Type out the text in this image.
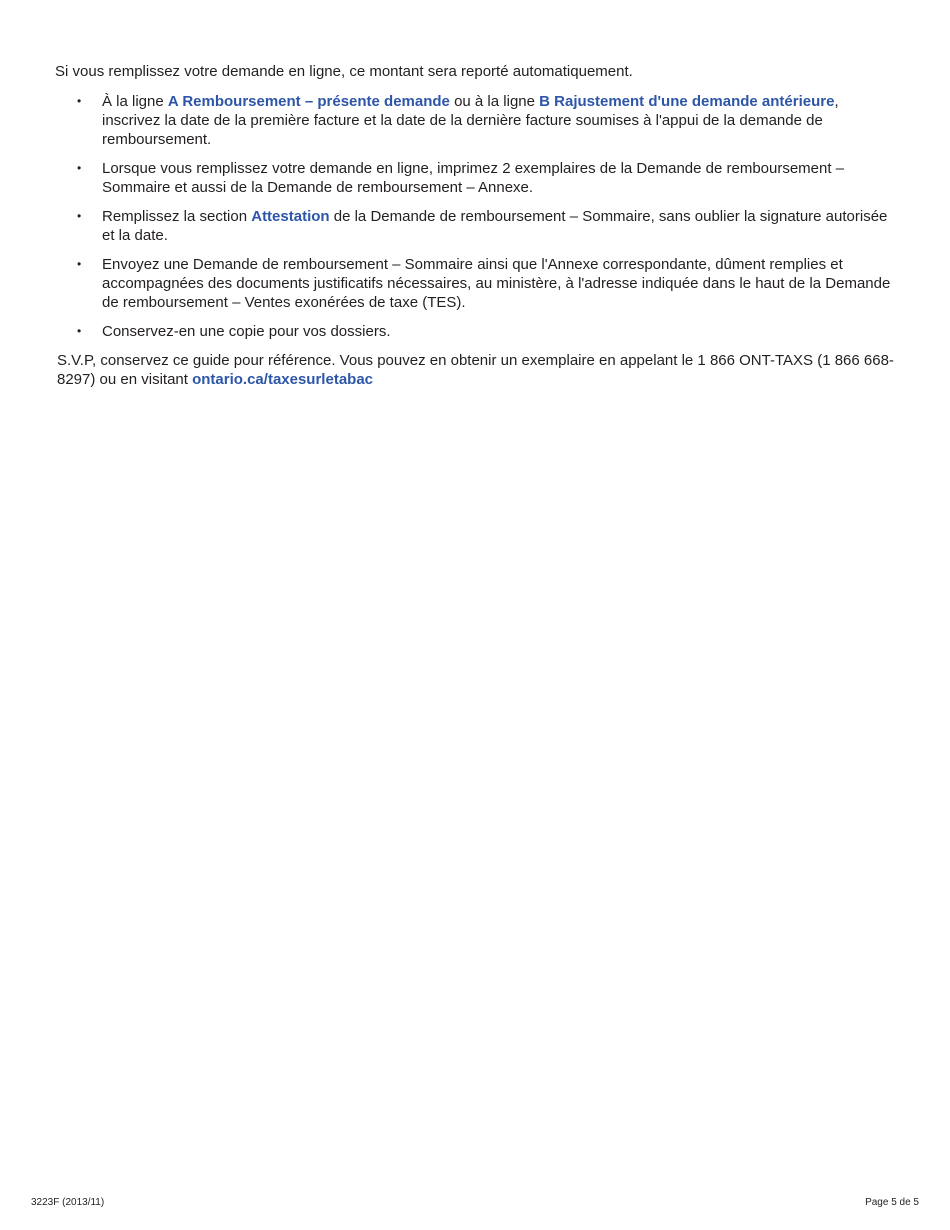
Si vous remplissez votre demande en ligne, ce montant sera reporté automatiquement.

• À la ligne A Remboursement – présente demande ou à la ligne B Rajustement d'une demande antérieure, inscrivez la date de la première facture et la date de la dernière facture soumises à l'appui de la demande de remboursement.
• Lorsque vous remplissez votre demande en ligne, imprimez 2 exemplaires de la Demande de remboursement – Sommaire et aussi de la Demande de remboursement – Annexe.
• Remplissez la section Attestation de la Demande de remboursement – Sommaire, sans oublier la signature autorisée et la date.
• Envoyez une Demande de remboursement – Sommaire ainsi que l'Annexe correspondante, dûment remplies et accompagnées des documents justificatifs nécessaires, au ministère, à l'adresse indiquée dans le haut de la Demande de remboursement – Ventes exonérées de taxe (TES).
• Conservez-en une copie pour vos dossiers.

S.V.P, conservez ce guide pour référence. Vous pouvez en obtenir un exemplaire en appelant le 1 866 ONT-TAXS (1 866 668-8297) ou en visitant ontario.ca/taxesurletabac

3223F (2013/11)	Page 5 de 5
